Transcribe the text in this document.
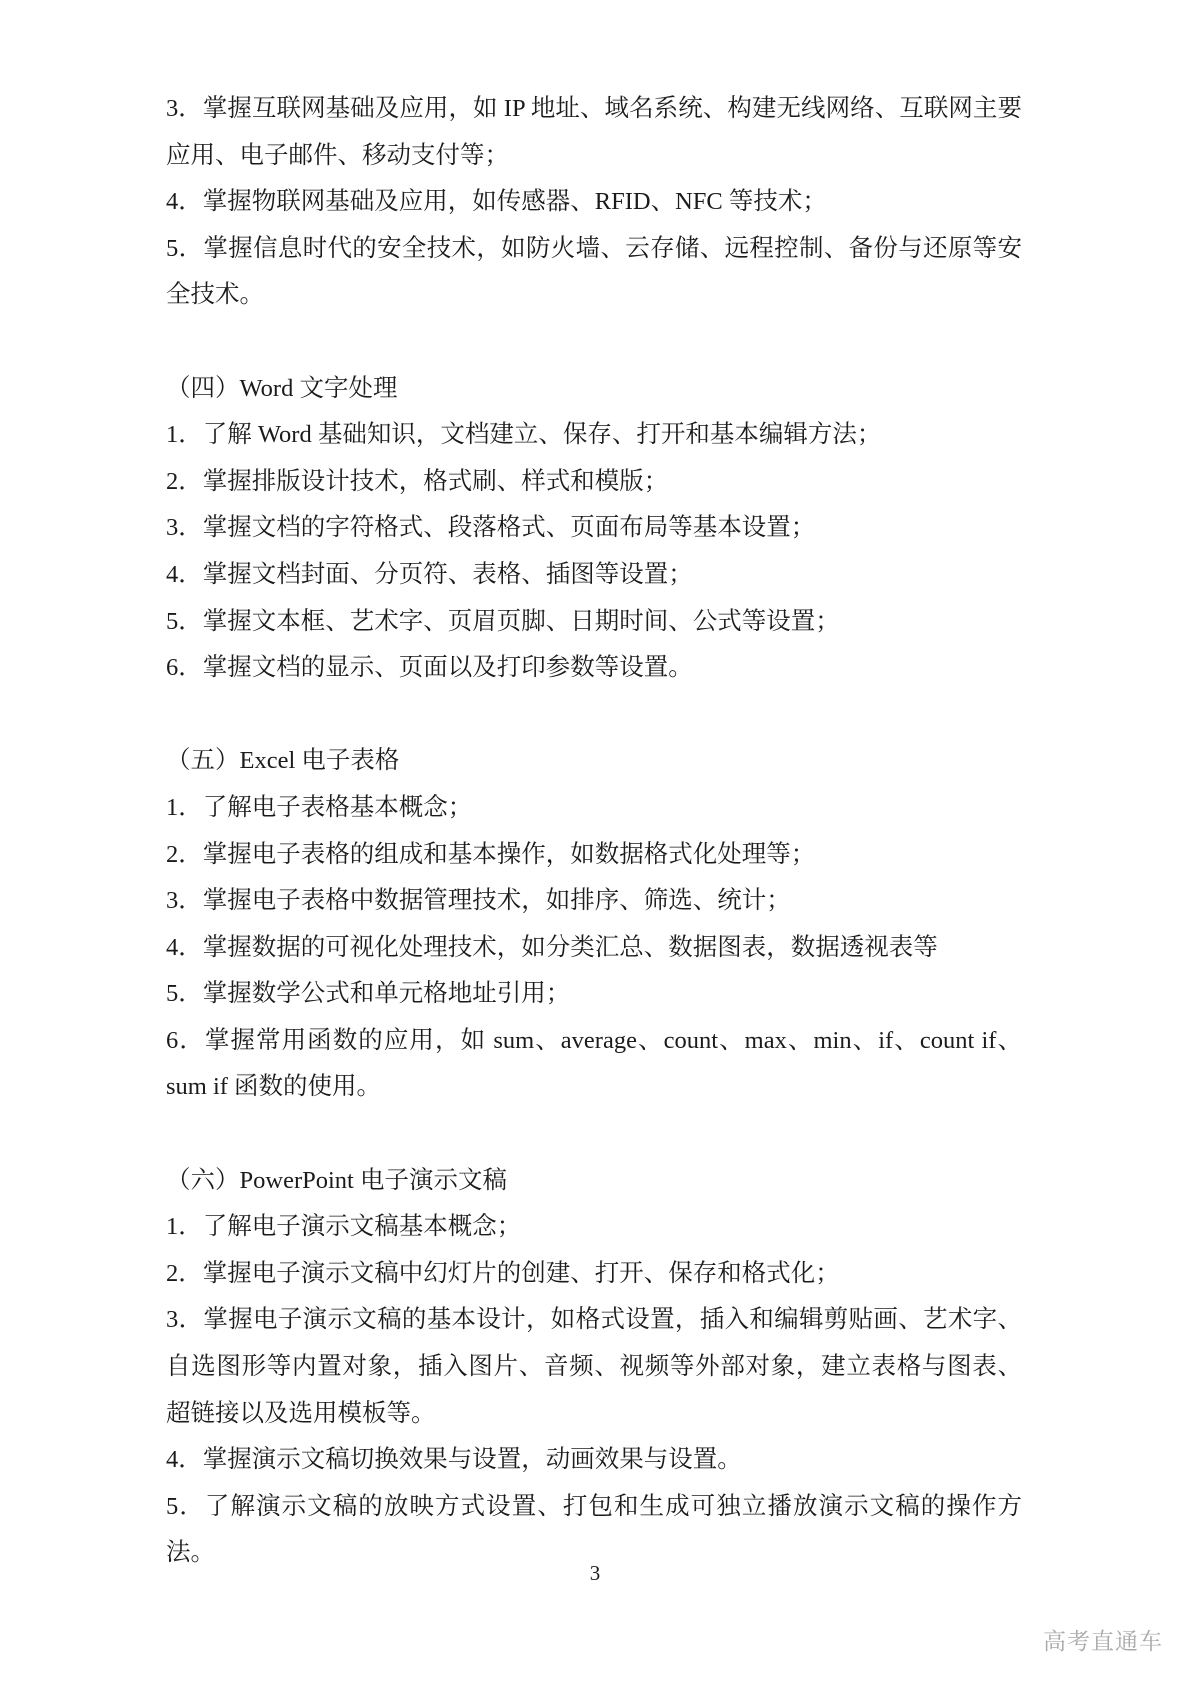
3．掌握互联网基础及应用，如 IP 地址、域名系统、构建无线网络、互联网主要应用、电子邮件、移动支付等；

4．掌握物联网基础及应用，如传感器、RFID、NFC 等技术；

5．掌握信息时代的安全技术，如防火墙、云存储、远程控制、备份与还原等安全技术。

（四）Word 文字处理

1．了解 Word 基础知识，文档建立、保存、打开和基本编辑方法；

2．掌握排版设计技术，格式刷、样式和模版；

3．掌握文档的字符格式、段落格式、页面布局等基本设置；

4．掌握文档封面、分页符、表格、插图等设置；

5．掌握文本框、艺术字、页眉页脚、日期时间、公式等设置；

6．掌握文档的显示、页面以及打印参数等设置。

（五）Excel 电子表格

1．了解电子表格基本概念；

2．掌握电子表格的组成和基本操作，如数据格式化处理等；

3．掌握电子表格中数据管理技术，如排序、筛选、统计；

4．掌握数据的可视化处理技术，如分类汇总、数据图表，数据透视表等

5．掌握数学公式和单元格地址引用；

6．掌握常用函数的应用，如 sum、average、count、max、min、if、count if、sum if 函数的使用。

（六）PowerPoint 电子演示文稿

1．了解电子演示文稿基本概念；

2．掌握电子演示文稿中幻灯片的创建、打开、保存和格式化；

3．掌握电子演示文稿的基本设计，如格式设置，插入和编辑剪贴画、艺术字、自选图形等内置对象，插入图片、音频、视频等外部对象，建立表格与图表、超链接以及选用模板等。

4．掌握演示文稿切换效果与设置，动画效果与设置。

5．了解演示文稿的放映方式设置、打包和生成可独立播放演示文稿的操作方法。

3
高考直通车
